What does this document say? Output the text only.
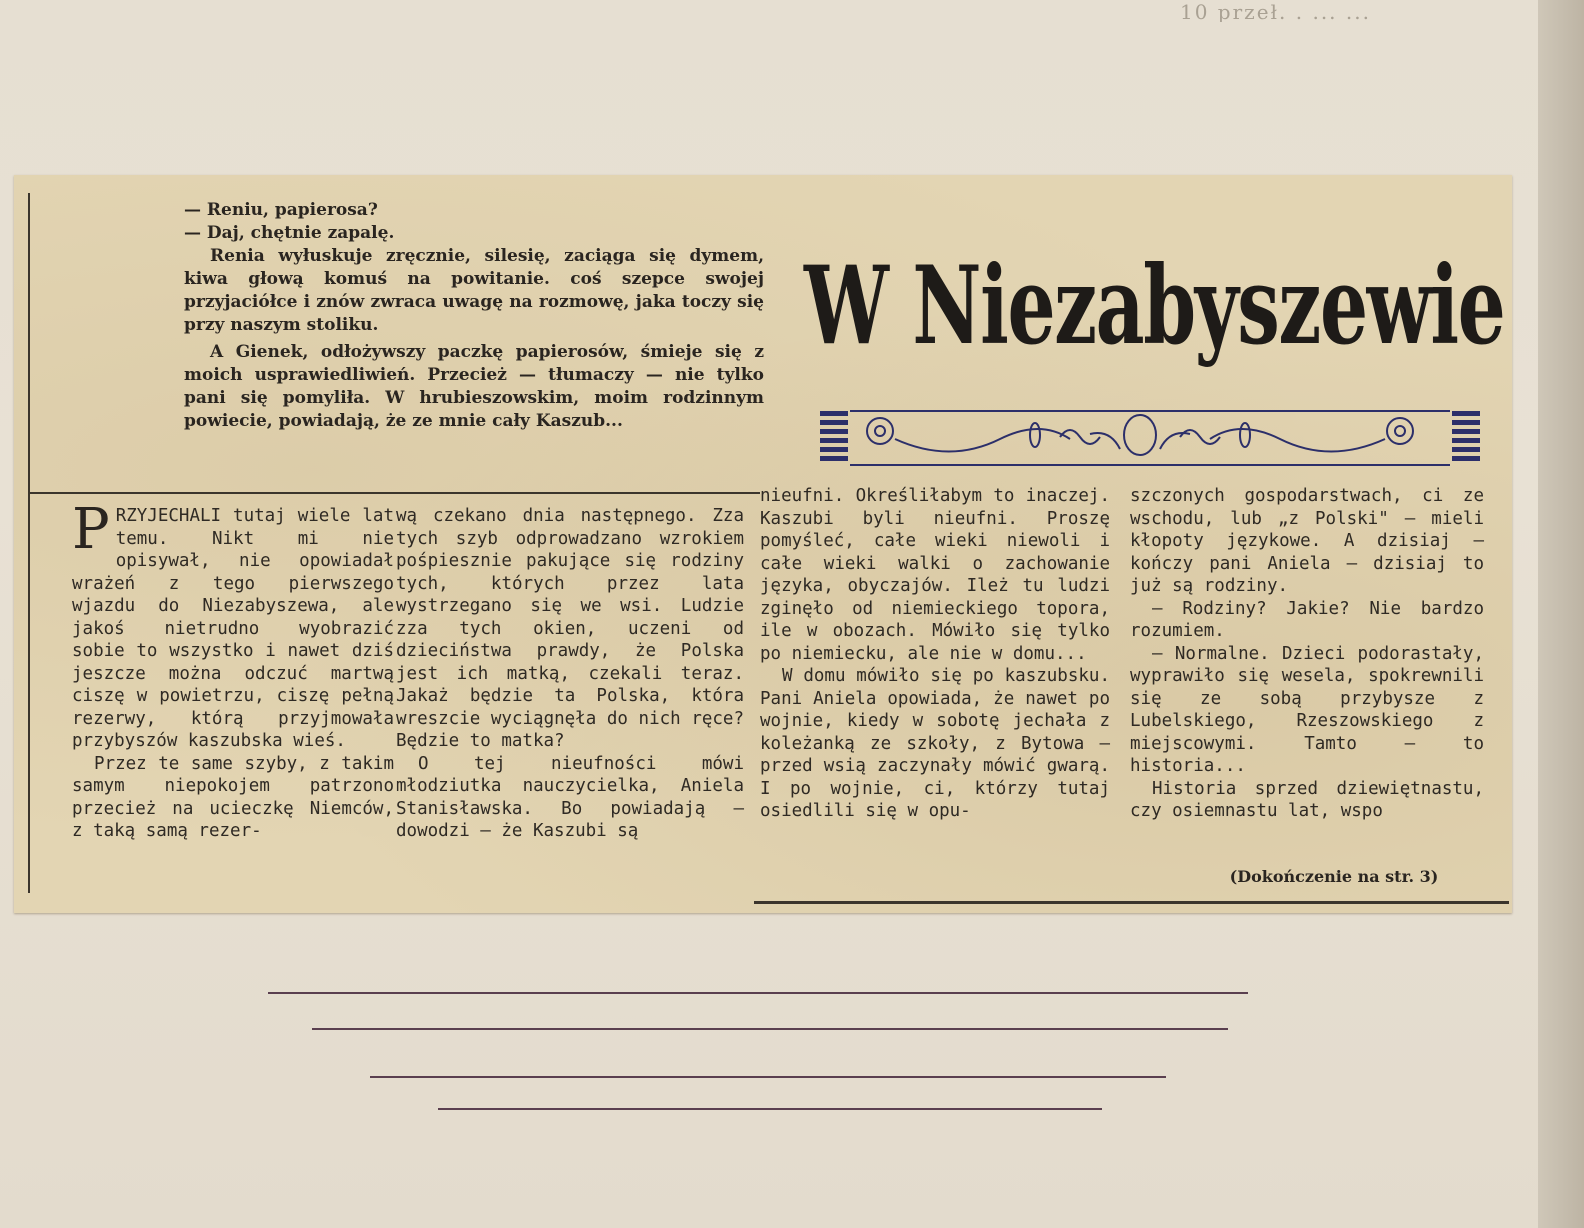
10 przeł. . ... ...

— Reniu, papierosa?

— Daj, chętnie zapalę.

Renia wyłuskuje zręcznie, silesię, zaciąga się dymem, kiwa głową komuś na powitanie. coś szepce swojej przyjaciółce i znów zwraca uwagę na rozmowę, jaka toczy się przy naszym stoliku.

A Gienek, odłożywszy paczkę papierosów, śmieje się z moich usprawiedliwień. Przecież — tłumaczy — nie tylko pani się pomyliła. W hrubieszowskim, moim rodzinnym powiecie, powiadają, że ze mnie cały Kaszub...

W Niezabyszewie

PRZYJECHALI tutaj wiele lat temu. Nikt mi nie opisywał, nie opowiadał wrażeń z tego pierwszego wjazdu do Niezabyszewa, ale jakoś nietrudno wyobrazić sobie to wszystko i nawet dziś jeszcze można odczuć martwą ciszę w powietrzu, ciszę pełną rezerwy, którą przyjmowała przybyszów kaszubska wieś.

Przez te same szyby, z takim samym niepokojem patrzono przecież na ucieczkę Niemców, z taką samą rezer-

wą czekano dnia następnego. Zza tych szyb odprowadzano wzrokiem pośpiesznie pakujące się rodziny tych, których przez lata wystrzegano się we wsi. Ludzie zza tych okien, uczeni od dzieciństwa prawdy, że Polska jest ich matką, czekali teraz. Jakaż będzie ta Polska, która wreszcie wyciągnęła do nich ręce? Będzie to matka?

O tej nieufności mówi młodziutka nauczycielka, Aniela Stanisławska. Bo powiadają — dowodzi — że Kaszubi są

nieufni. Określiłabym to inaczej. Kaszubi byli nieufni. Proszę pomyśleć, całe wieki niewoli i całe wieki walki o zachowanie języka, obyczajów. Ileż tu ludzi zginęło od niemieckiego topora, ile w obozach. Mówiło się tylko po niemiecku, ale nie w domu...

W domu mówiło się po kaszubsku. Pani Aniela opowiada, że nawet po wojnie, kiedy w sobotę jechała z koleżanką ze szkoły, z Bytowa — przed wsią zaczynały mówić gwarą. I po wojnie, ci, którzy tutaj osiedlili się w opu-

szczonych gospodarstwach, ci ze wschodu, lub „z Polski" — mieli kłopoty językowe. A dzisiaj — kończy pani Aniela — dzisiaj to już są rodziny.

— Rodziny? Jakie? Nie bardzo rozumiem.

— Normalne. Dzieci podorastały, wyprawiło się wesela, spokrewnili się ze sobą przybysze z Lubelskiego, Rzeszowskiego z miejscowymi. Tamto — to historia...

Historia sprzed dziewiętnastu, czy osiemnastu lat, wspo

(Dokończenie na str. 3)
